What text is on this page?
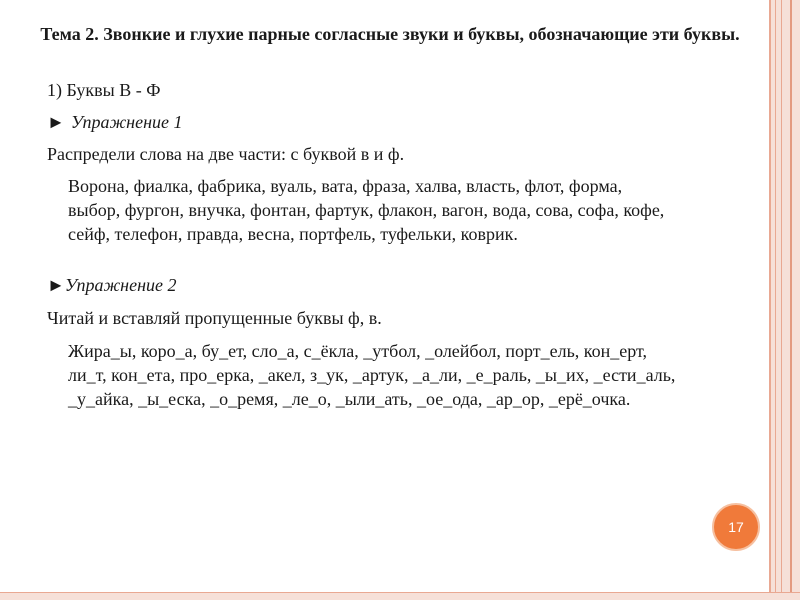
Тема 2. Звонкие и глухие парные согласные звуки и буквы, обозначающие эти буквы.

1) Буквы В - Ф

► Упражнение 1

Распредели слова на две части: с буквой в и ф.

Ворона, фиалка, фабрика, вуаль, вата, фраза, халва, власть, флот, форма, выбор, фургон, внучка, фонтан, фартук, флакон, вагон, вода, сова, софа, кофе, сейф, телефон, правда, весна, портфель, туфельки, коврик.

►Упражнение 2

Читай и вставляй пропущенные буквы ф, в.

Жира_ы, коро_а, бу_ет, сло_а, с_ёкла, _утбол, _олейбол, порт_ель, кон_ерт, ли_т, кон_ета, про_ерка, _акел, з_ук, _артук, _а_ли, _е_раль, _ы_их, _ести_аль, _у_айка, _ы_еска, _о_ремя, _ле_о, _ыли_ать, _ое_ода, _ар_ор, _ерё_очка.

17
